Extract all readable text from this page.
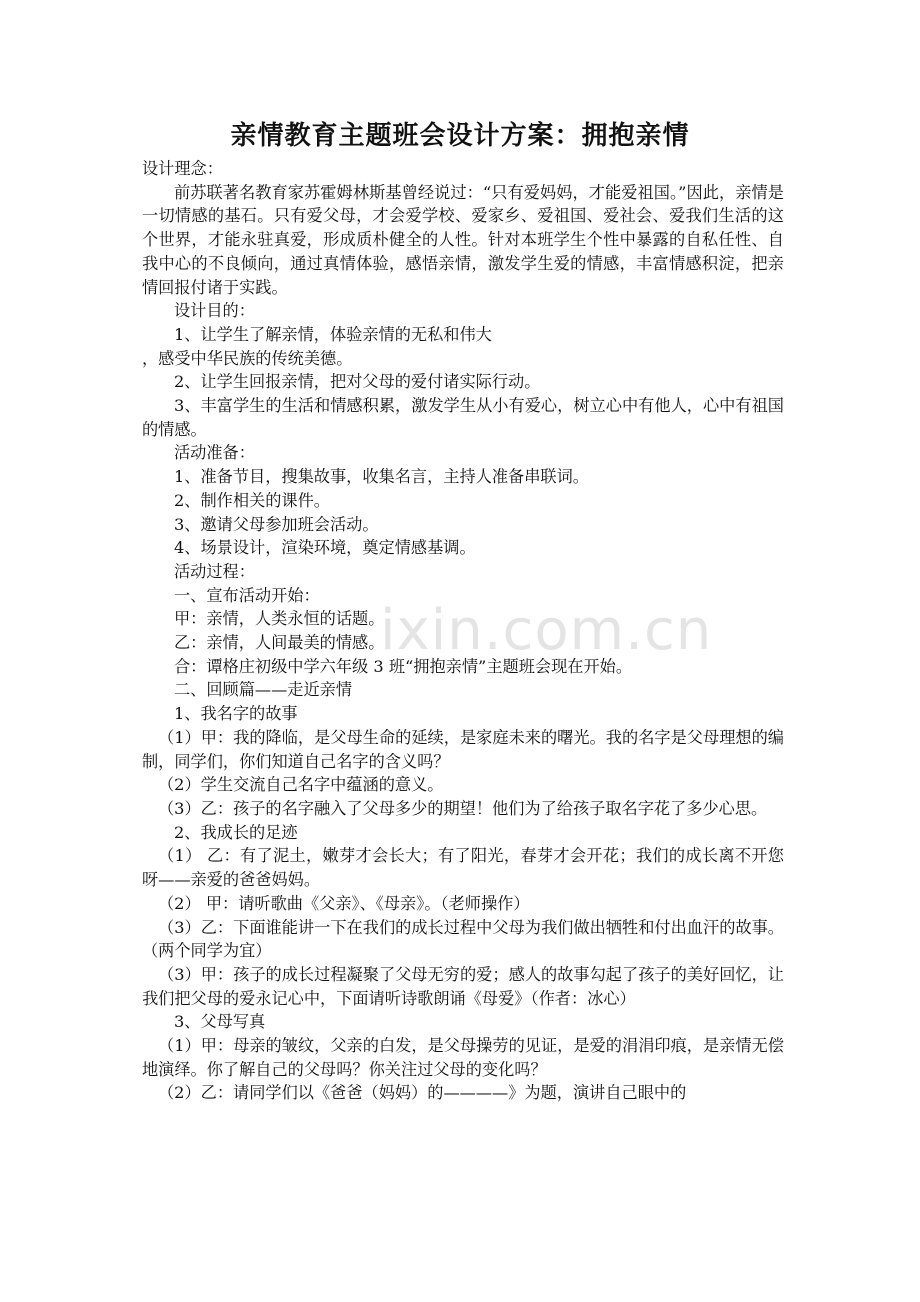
亲情教育主题班会设计方案：拥抱亲情

设计理念：

前苏联著名教育家苏霍姆林斯基曾经说过：“只有爱妈妈，才能爱祖国。”因此，亲情是一切情感的基石。只有爱父母，才会爱学校、爱家乡、爱祖国、爱社会、爱我们生活的这个世界，才能永驻真爱，形成质朴健全的人性。针对本班学生个性中暴露的自私任性、自我中心的不良倾向，通过真情体验，感悟亲情，激发学生爱的情感，丰富情感积淀，把亲情回报付诸于实践。

设计目的：

1、让学生了解亲情，体验亲情的无私和伟大

，感受中华民族的传统美德。

2、让学生回报亲情，把对父母的爱付诸实际行动。

3、丰富学生的生活和情感积累，激发学生从小有爱心，树立心中有他人，心中有祖国的情感。

活动准备：

1、准备节目，搜集故事，收集名言，主持人准备串联词。

2、制作相关的课件。

3、邀请父母参加班会活动。

4、场景设计，渲染环境，奠定情感基调。

活动过程：

一、宣布活动开始：

甲：亲情，人类永恒的话题。

乙：亲情，人间最美的情感。

合：谭格庄初级中学六年级 3 班“拥抱亲情”主题班会现在开始。

二、回顾篇——走近亲情

1、我名字的故事

（1）甲：我的降临，是父母生命的延续，是家庭未来的曙光。我的名字是父母理想的编制，同学们，你们知道自己名字的含义吗？

（2）学生交流自己名字中蕴涵的意义。

（3）乙：孩子的名字融入了父母多少的期望！他们为了给孩子取名字花了多少心思。

2、我成长的足迹

（1） 乙：有了泥土，嫩芽才会长大；有了阳光，春芽才会开花；我们的成长离不开您呀——亲爱的爸爸妈妈。

（2） 甲：请听歌曲《父亲》、《母亲》。（老师操作）

（3）乙：下面谁能讲一下在我们的成长过程中父母为我们做出牺牲和付出血汗的故事。（两个同学为宜）

（3）甲：孩子的成长过程凝聚了父母无穷的爱；感人的故事勾起了孩子的美好回忆，让我们把父母的爱永记心中，下面请听诗歌朗诵《母爱》（作者：冰心）

3、父母写真

（1）甲：母亲的皱纹，父亲的白发，是父母操劳的见证，是爱的涓涓印痕，是亲情无偿地演绎。你了解自己的父母吗？你关注过父母的变化吗？

（2）乙：请同学们以《爸爸（妈妈）的————》为题，演讲自己眼中的

ixin.com.cn
